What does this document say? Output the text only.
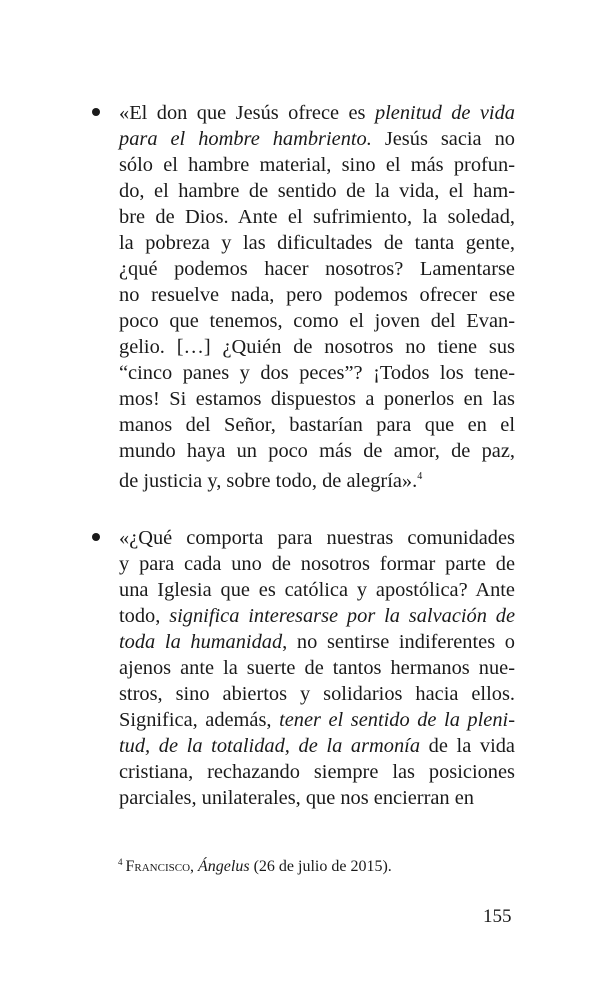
«El don que Jesús ofrece es plenitud de vida
para el hombre hambriento. Jesús sacia no
sólo el hambre material, sino el más profun-
do, el hambre de sentido de la vida, el ham-
bre de Dios. Ante el sufrimiento, la soledad,
la pobreza y las dificultades de tanta gente,
¿qué podemos hacer nosotros? Lamentarse
no resuelve nada, pero podemos ofrecer ese
poco que tenemos, como el joven del Evan-
gelio. […] ¿Quién de nosotros no tiene sus
“cinco panes y dos peces”? ¡Todos los tene-
mos! Si estamos dispuestos a ponerlos en las
manos del Señor, bastarían para que en el
mundo haya un poco más de amor, de paz,
de justicia y, sobre todo, de alegría».$^4$
«¿Qué comporta para nuestras comunidades
y para cada uno de nosotros formar parte de
una Iglesia que es católica y apostólica? Ante
todo, significa interesarse por la salvación de
toda la humanidad, no sentirse indiferentes o
ajenos ante la suerte de tantos hermanos nue-
stros, sino abiertos y solidarios hacia ellos.
Significa, además, tener el sentido de la pleni-
tud, de la totalidad, de la armonía de la vida
cristiana, rechazando siempre las posiciones
parciales, unilaterales, que nos encierran en
$^4$ Francisco, Ángelus (26 de julio de 2015).
155
